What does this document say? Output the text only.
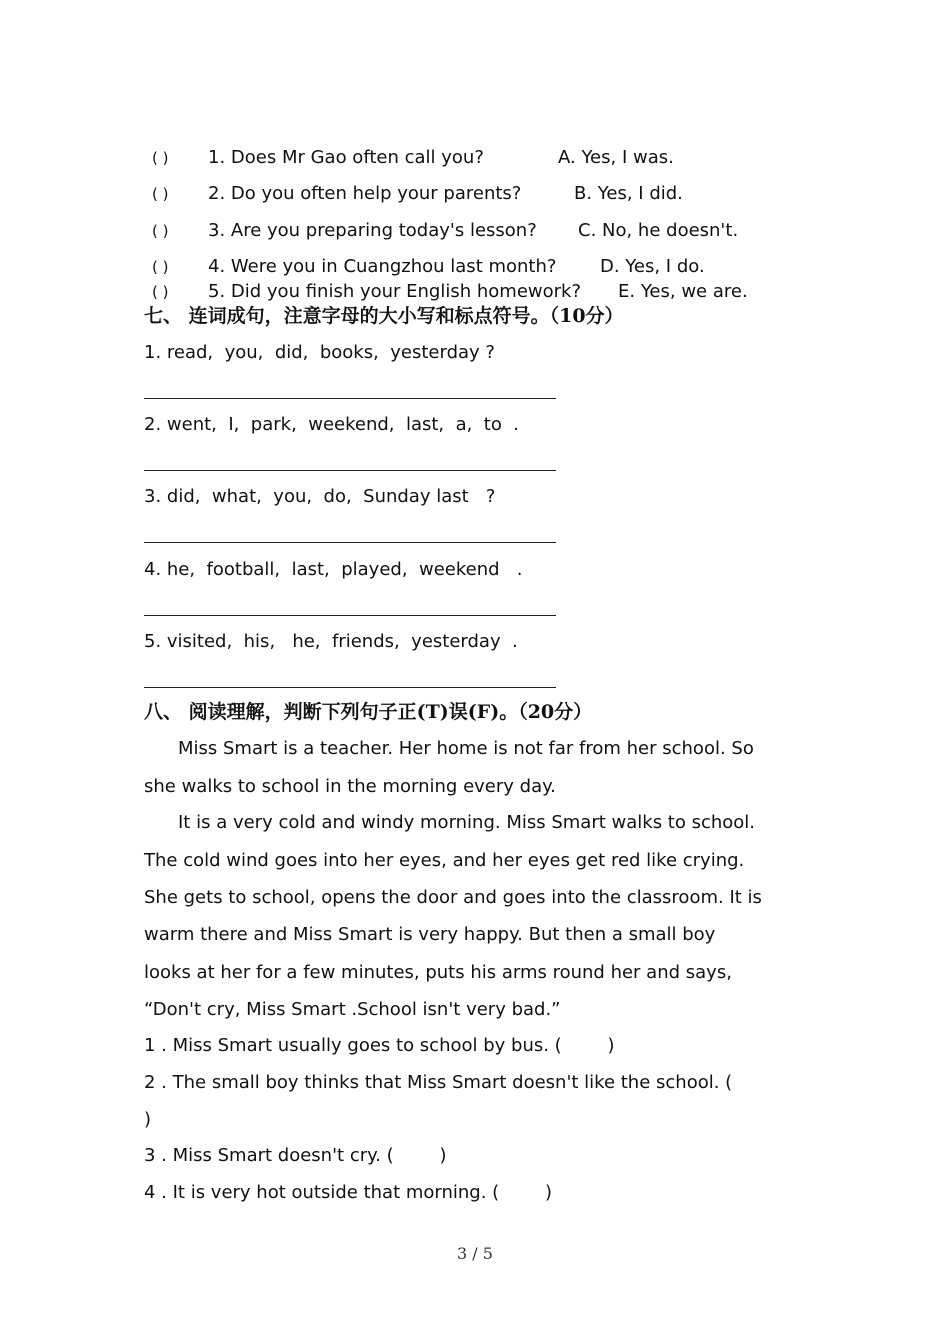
( ) 1. Does Mr Gao often call you?	A. Yes, I was.
( ) 2. Do you often help your parents?	B. Yes, I did.
( ) 3. Are you preparing today's lesson? C. No, he doesn't.
( ) 4. Were you in Cuangzhou last month? D. Yes, I do.
( ) 5. Did you finish your English homework? E. Yes, we are.
七、 连词成句，注意字母的大小写和标点符号。（10分）
1. read,  you,  did,  books,  yesterday ?
2. went,  I,  park,  weekend,  last,  a,  to  .
3. did,  what,  you,  do,  Sunday last   ?
4. he,  football,  last,  played,  weekend   .
5. visited,  his,   he,  friends,  yesterday  .
八、 阅读理解，判断下列句子正(T)误(F)。（20分）
Miss Smart is a teacher. Her home is not far from her school. So
she walks to school in the morning every day.
It is a very cold and windy morning. Miss Smart walks to school.
The cold wind goes into her eyes, and her eyes get red like crying.
She gets to school, opens the door and goes into the classroom. It is
warm there and Miss Smart is very happy. But then a small boy
looks at her for a few minutes, puts his arms round her and says,
“Don't cry, Miss Smart .School isn't very bad.”
1 . Miss Smart usually goes to school by bus. (        )
2 . The small boy thinks that Miss Smart doesn't like the school. (
)
3 . Miss Smart doesn't cry. (        )
4 . It is very hot outside that morning. (        )
3 / 5
